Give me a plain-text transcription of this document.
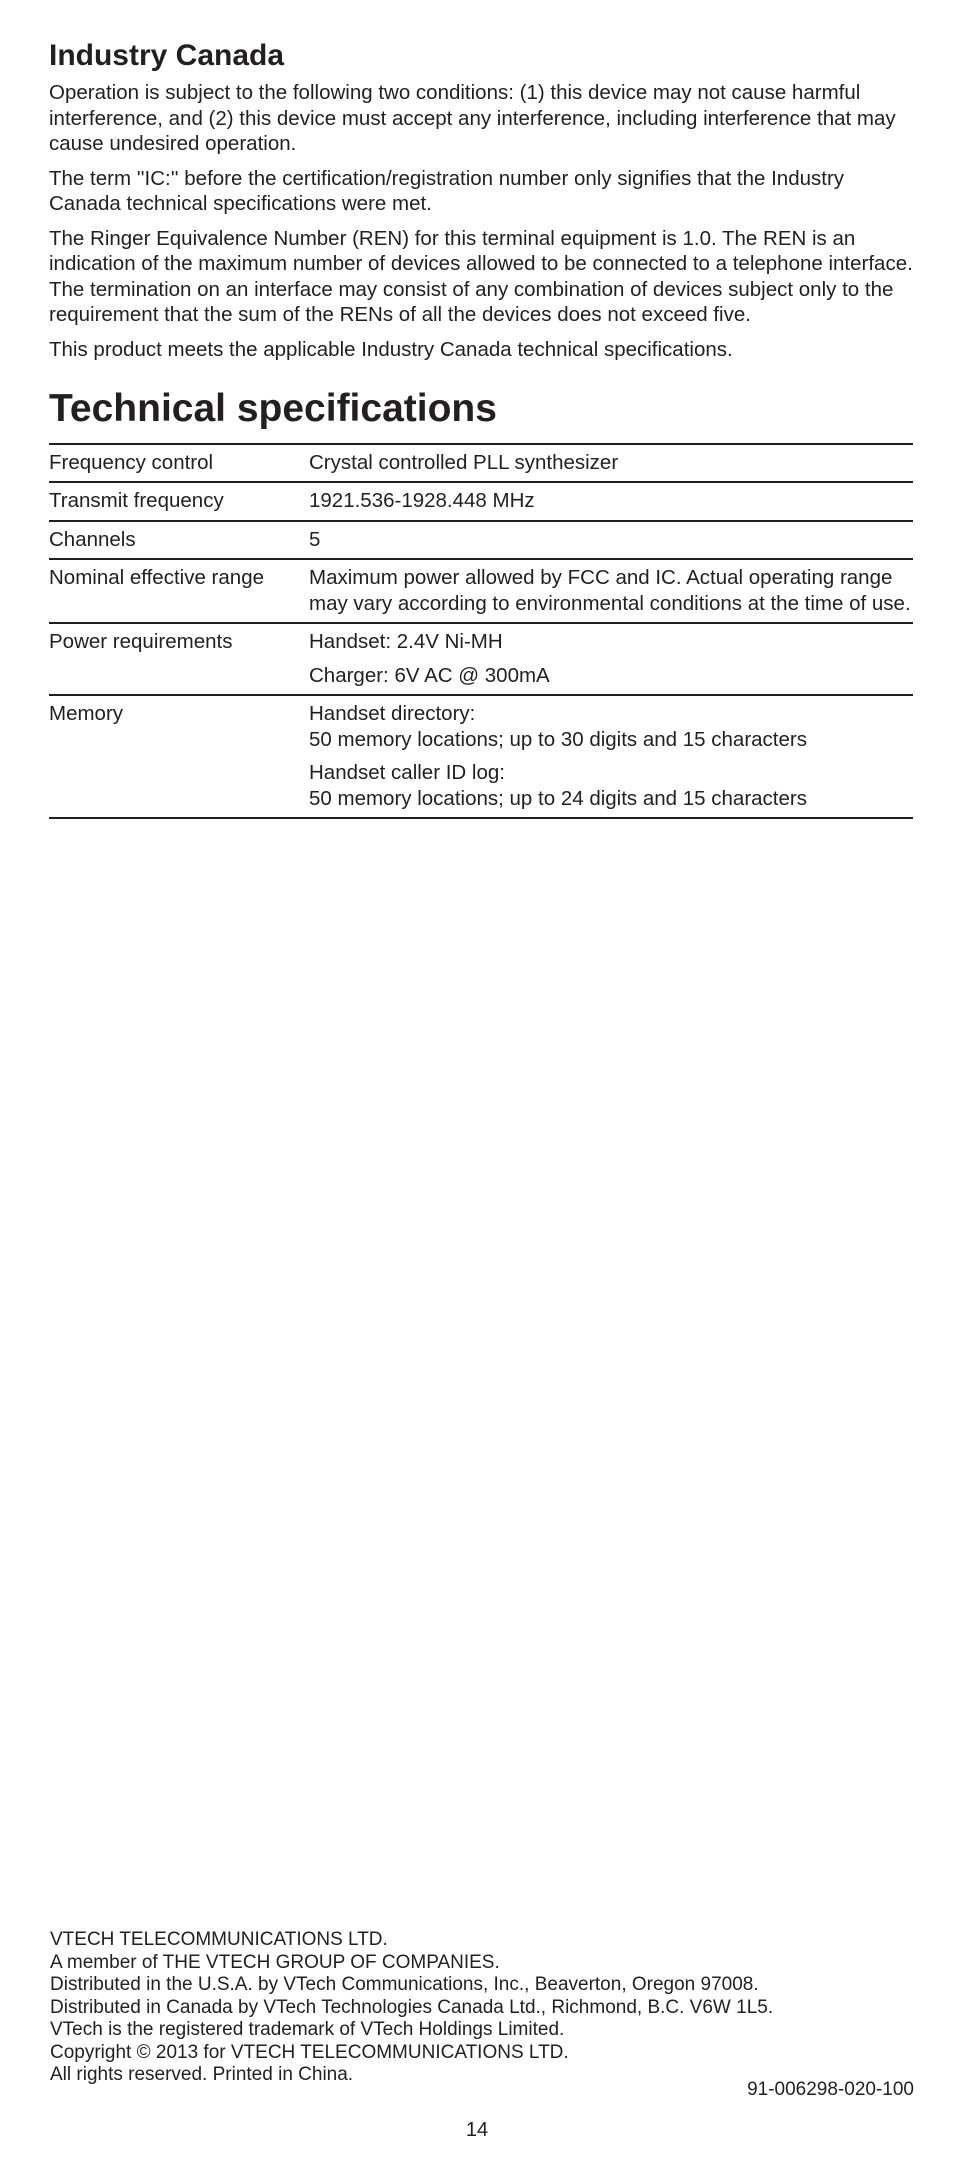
Industry Canada

Operation is subject to the following two conditions: (1) this device may not cause harmful interference, and (2) this device must accept any interference, including interference that may cause undesired operation.

The term ''IC:'' before the certification/registration number only signifies that the Industry Canada technical specifications were met.

The Ringer Equivalence Number (REN) for this terminal equipment is 1.0. The REN is an indication of the maximum number of devices allowed to be connected to a telephone interface. The termination on an interface may consist of any combination of devices subject only to the requirement that the sum of the RENs of all the devices does not exceed five.

This product meets the applicable Industry Canada technical specifications.

Technical specifications
Frequency control	Crystal controlled PLL synthesizer

Transmit frequency	1921.536-1928.448 MHz

Channels	5

Nominal effective range	Maximum power allowed by FCC and IC. Actual operating range may vary according to environmental conditions at the time of use.

Power requirements	Handset: 2.4V Ni-MH
Charger: 6V AC @ 300mA

Memory	Handset directory:
50 memory locations; up to 30 digits and 15 characters
Handset caller ID log:
50 memory locations; up to 24 digits and 15 characters
VTECH TELECOMMUNICATIONS LTD.
A member of THE VTECH GROUP OF COMPANIES.
Distributed in the U.S.A. by VTech Communications, Inc., Beaverton, Oregon 97008.
Distributed in Canada by VTech Technologies Canada Ltd., Richmond, B.C. V6W 1L5.
VTech is the registered trademark of VTech Holdings Limited.
Copyright © 2013 for VTECH TELECOMMUNICATIONS LTD.
All rights reserved. Printed in China.
91-006298-020-100
14
